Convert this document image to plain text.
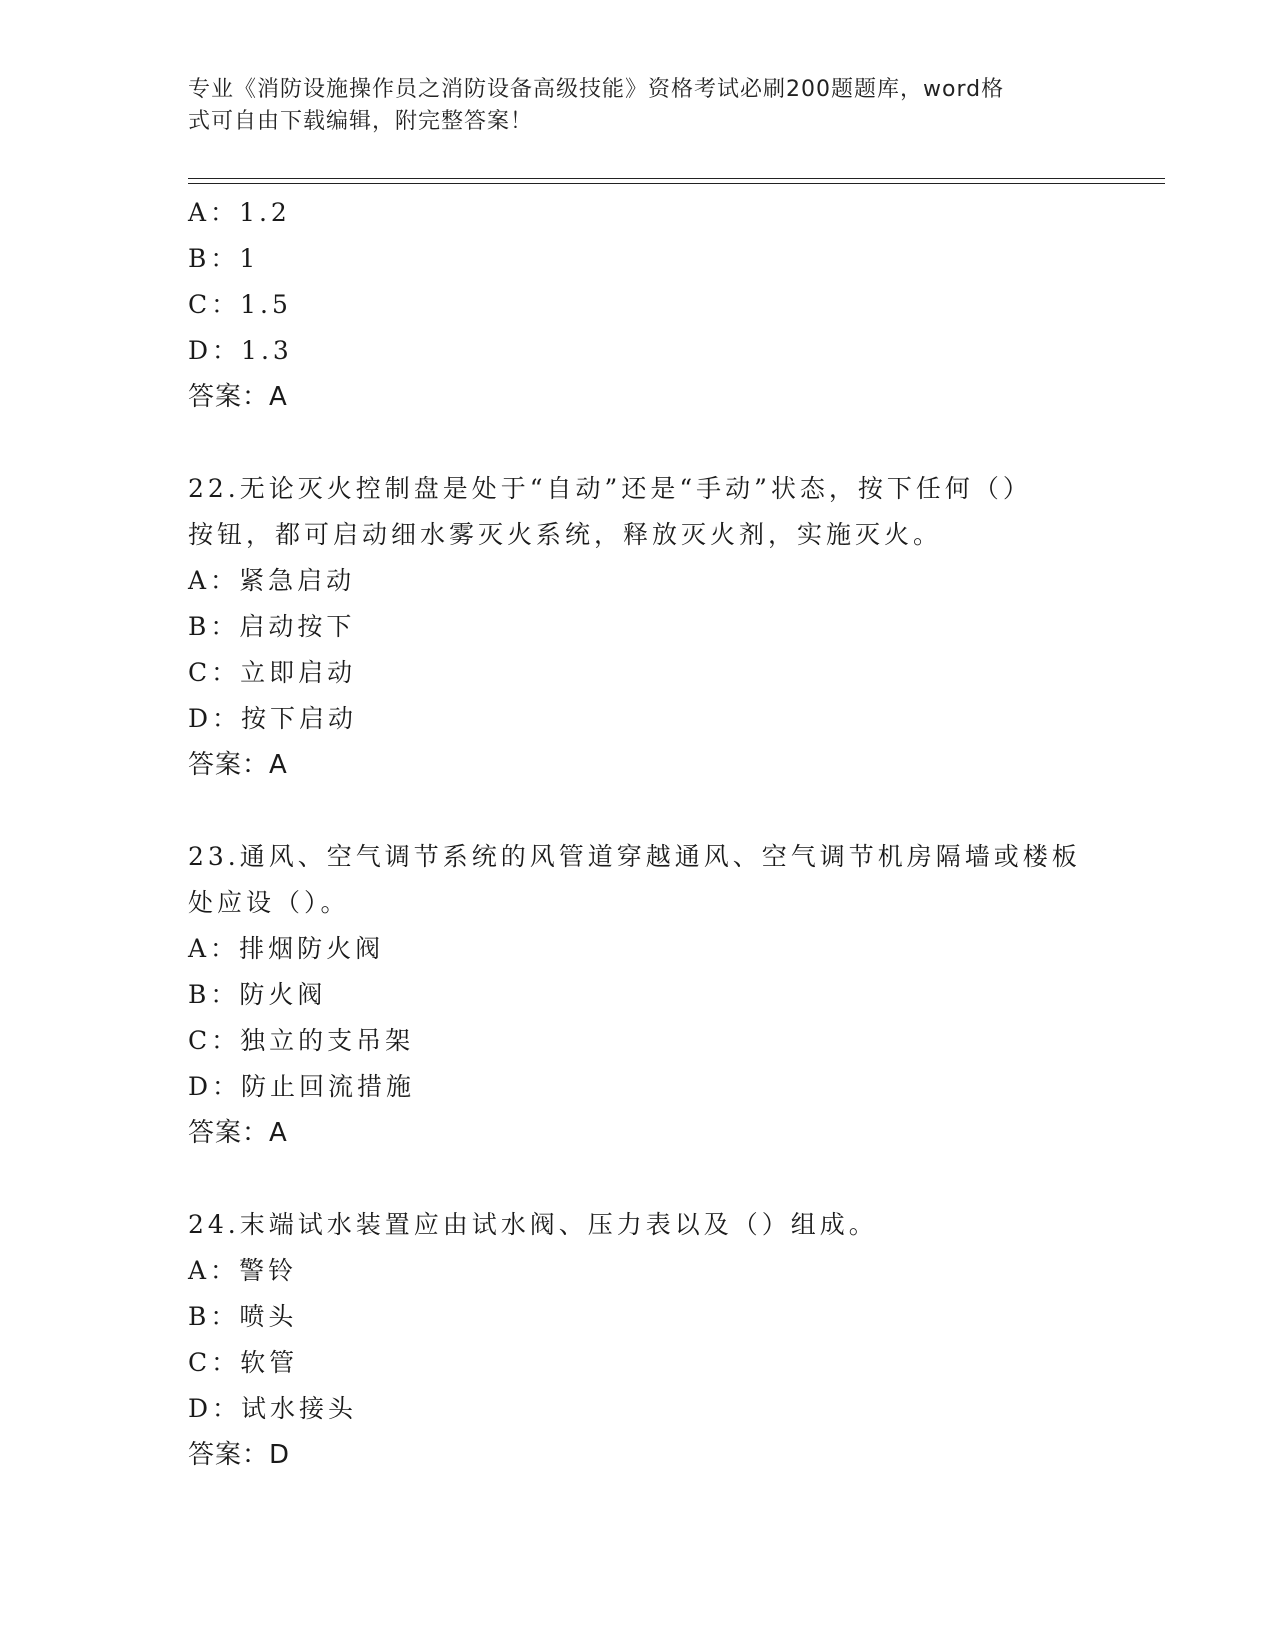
专业《消防设施操作员之消防设备高级技能》资格考试必刷200题题库，word格
式可自由下载编辑，附完整答案！
A：1.2
B：1
C：1.5
D：1.3
答案：A
22.无论灭火控制盘是处于“自动”还是“手动”状态，按下任何（）
按钮，都可启动细水雾灭火系统，释放灭火剂，实施灭火。
A：紧急启动
B：启动按下
C：立即启动
D：按下启动
答案：A
23.通风、空气调节系统的风管道穿越通风、空气调节机房隔墙或楼板
处应设（）。
A：排烟防火阀
B：防火阀
C：独立的支吊架
D：防止回流措施
答案：A
24.末端试水装置应由试水阀、压力表以及（）组成。
A：警铃
B：喷头
C：软管
D：试水接头
答案：D
